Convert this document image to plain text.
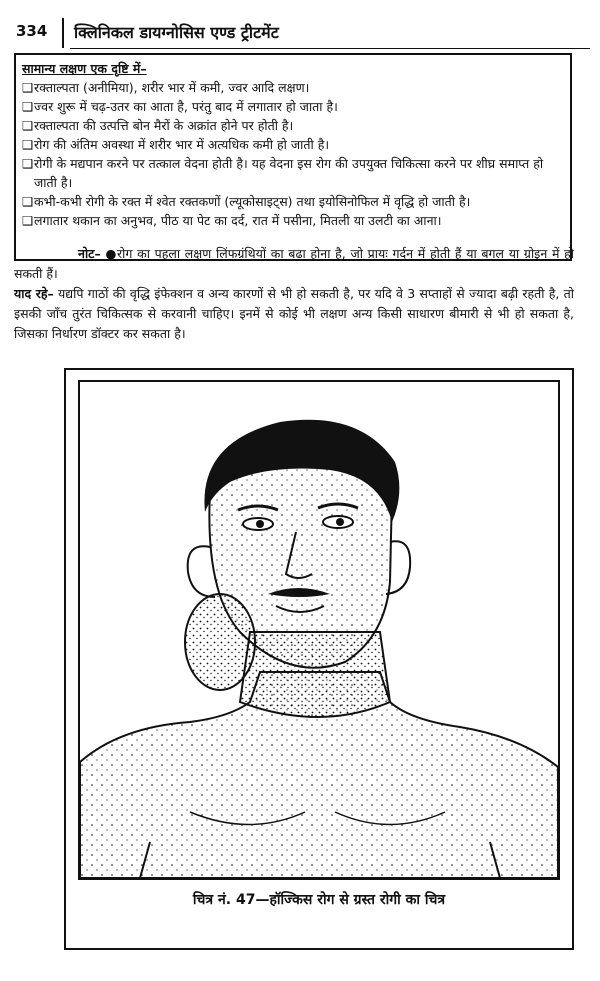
334 क्लिनिकल डायग्नोसिस एण्ड ट्रीटमेंट
सामान्य लक्षण एक दृष्टि में–
❑ रक्ताल्पता (अनीमिया), शरीर भार में कमी, ज्वर आदि लक्षण।
❑ ज्वर शुरू में चढ़-उतर का आता है, परंतु बाद में लगातार हो जाता है।
❑ रक्ताल्पता की उत्पत्ति बोन मैरों के अक्रांत होने पर होती है।
❑ रोग की अंतिम अवस्था में शरीर भार में अत्यधिक कमी हो जाती है।
❑ रोगी के मद्यपान करने पर तत्काल वेदना होती है। यह वेदना इस रोग की उपयुक्त चिकित्सा करने पर शीघ्र समाप्त हो जाती है।
❑ कभी-कभी रोगी के रक्त में श्वेत रक्तकणों (ल्यूकोसाइट्स) तथा इयोसिनोफिल में वृद्धि हो जाती है।
❑ लगातार थकान का अनुभव, पीठ या पेट का दर्द, रात में पसीना, मितली या उलटी का आना।
नोट– ●रोग का पहला लक्षण लिंफग्रंथियों का बढ़ा होना है, जो प्रायः गर्दन में होती हैं या बगल या ग्रोइन में हो सकती हैं।
याद रहे– यद्यपि गाठों की वृद्धि इंफेक्शन व अन्य कारणों से भी हो सकती है, पर यदि वे 3 सप्ताहों से ज्यादा बढ़ी रहती है, तो इसकी जाँच तुरंत चिकित्सक से करवानी चाहिए। इनमें से कोई भी लक्षण अन्य किसी साधारण बीमारी से भी हो सकता है, जिसका निर्धारण डॉक्टर कर सकता है।
चित्र नं. 47—हॉज्किस रोग से ग्रस्त रोगी का चित्र
